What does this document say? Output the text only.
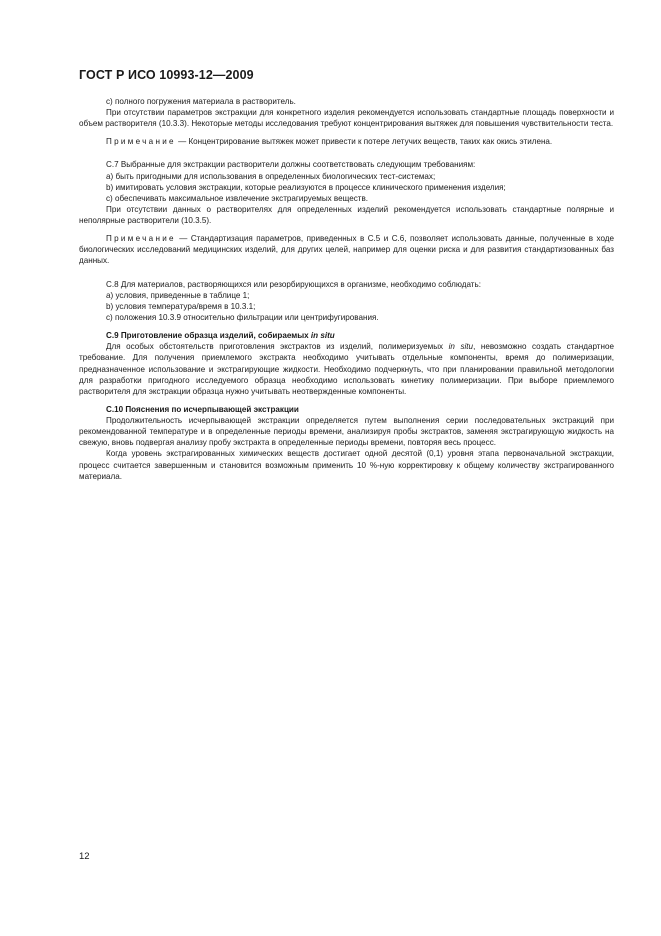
ГОСТ Р ИСО 10993-12—2009

c) полного погружения материала в растворитель.

При отсутствии параметров экстракции для конкретного изделия рекомендуется использовать стандартные площадь поверхности и объем растворителя (10.3.3). Некоторые методы исследования требуют концентрирования вытяжек для повышения чувствительности теста.

Примечание — Концентрирование вытяжек может привести к потере летучих веществ, таких как окись этилена.

С.7 Выбранные для экстракции растворители должны соответствовать следующим требованиям:

a) быть пригодными для использования в определенных биологических тест-системах;

b) имитировать условия экстракции, которые реализуются в процессе клинического применения изделия;

c) обеспечивать максимальное извлечение экстрагируемых веществ.

При отсутствии данных о растворителях для определенных изделий рекомендуется использовать стандартные полярные и неполярные растворители (10.3.5).

Примечание — Стандартизация параметров, приведенных в С.5 и С.6, позволяет использовать данные, полученные в ходе биологических исследований медицинских изделий, для других целей, например для оценки риска и для развития стандартизованных баз данных.

С.8 Для материалов, растворяющихся или резорбирующихся в организме, необходимо соблюдать:

a) условия, приведенные в таблице 1;

b) условия температура/время в 10.3.1;

c) положения 10.3.9 относительно фильтрации или центрифугирования.

С.9 Приготовление образца изделий, собираемых in situ

Для особых обстоятельств приготовления экстрактов из изделий, полимеризуемых in situ, невозможно создать стандартное требование. Для получения приемлемого экстракта необходимо учитывать отдельные компоненты, время до полимеризации, предназначенное использование и экстрагирующие жидкости. Необходимо подчеркнуть, что при планировании правильной методологии для разработки пригодного исследуемого образца необходимо использовать кинетику полимеризации. При выборе приемлемого растворителя для экстракции образца нужно учитывать неотвержденные компоненты.

С.10 Пояснения по исчерпывающей экстракции

Продолжительность исчерпывающей экстракции определяется путем выполнения серии последовательных экстракций при рекомендованной температуре и в определенные периоды времени, анализируя пробы экстрактов, заменяя экстрагирующую жидкость на свежую, вновь подвергая анализу пробу экстракта в определенные периоды времени, повторяя весь процесс.

Когда уровень экстрагированных химических веществ достигает одной десятой (0,1) уровня этапа первоначальной экстракции, процесс считается завершенным и становится возможным применить 10 %-ную корректировку к общему количеству экстрагированного материала.

12
